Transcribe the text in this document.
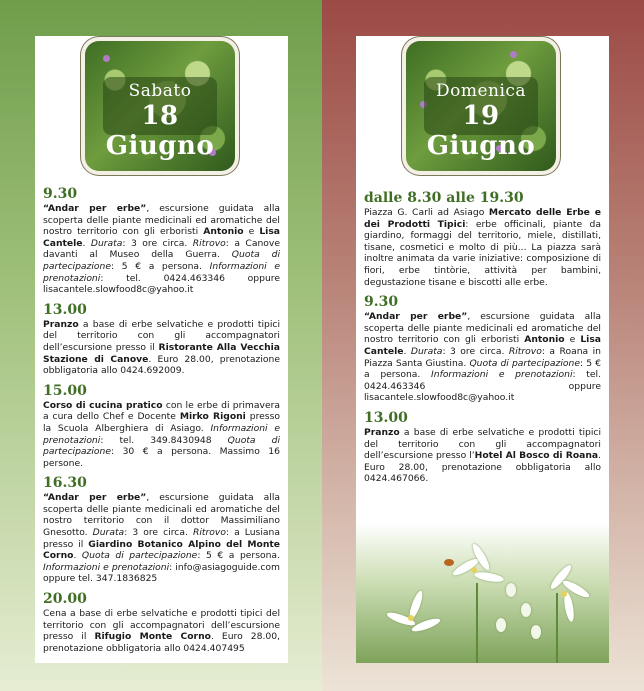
Sabato
18 Giugno
9.30
“Andar per erbe”, escursione guidata alla scoperta delle piante medicinali ed aromatiche del nostro territorio con gli erboristi Antonio e Lisa Cantele. Durata: 3 ore circa. Ritrovo: a Canove davanti al Museo della Guerra. Quota di partecipazione: 5 € a persona. Informazioni e prenotazioni: tel. 0424.463346 oppure lisacantele.slowfood8c@yahoo.it
13.00
Pranzo a base di erbe selvatiche e prodotti tipici del territorio con gli accompagnatori dell’escursione presso il Ristorante Alla Vecchia Stazione di Canove. Euro 28.00, prenotazione obbligatoria allo 0424.692009.
15.00
Corso di cucina pratico con le erbe di primavera a cura dello Chef e Docente Mirko Rigoni presso la Scuola Alberghiera di Asiago. Informazioni e prenotazioni: tel. 349.8430948 Quota di partecipazione: 30 € a persona. Massimo 16 persone.
16.30
“Andar per erbe”, escursione guidata alla scoperta delle piante medicinali ed aromatiche del nostro territorio con il dottor Massimiliano Gnesotto. Durata: 3 ore circa. Ritrovo: a Lusiana presso il Giardino Botanico Alpino del Monte Corno. Quota di partecipazione: 5 € a persona. Informazioni e prenotazioni: info@asiagoguide.com oppure tel. 347.1836825
20.00
Cena a base di erbe selvatiche e prodotti tipici del territorio con gli accompagnatori dell’escursione presso il Rifugio Monte Corno. Euro 28.00, prenotazione obbligatoria allo 0424.407495
Domenica
19 Giugno
dalle 8.30 alle 19.30
Piazza G. Carli ad Asiago Mercato delle Erbe e dei Prodotti Tipici: erbe officinali, piante da giardino, formaggi del territorio, miele, distillati, tisane, cosmetici e molto di più... La piazza sarà inoltre animata da varie iniziative: composizione di fiori, erbe tintòrie, attività per bambini, degustazione tisane e biscotti alle erbe.
9.30
“Andar per erbe”, escursione guidata alla scoperta delle piante medicinali ed aromatiche del nostro territorio con gli erboristi Antonio e Lisa Cantele. Durata: 3 ore circa. Ritrovo: a Roana in Piazza Santa Giustina. Quota di partecipazione: 5 € a persona. Informazioni e prenotazioni: tel. 0424.463346 oppure lisacantele.slowfood8c@yahoo.it
13.00
Pranzo a base di erbe selvatiche e prodotti tipici del territorio con gli accompagnatori dell’escursione presso l’Hotel Al Bosco di Roana. Euro 28.00, prenotazione obbligatoria allo 0424.467066.
